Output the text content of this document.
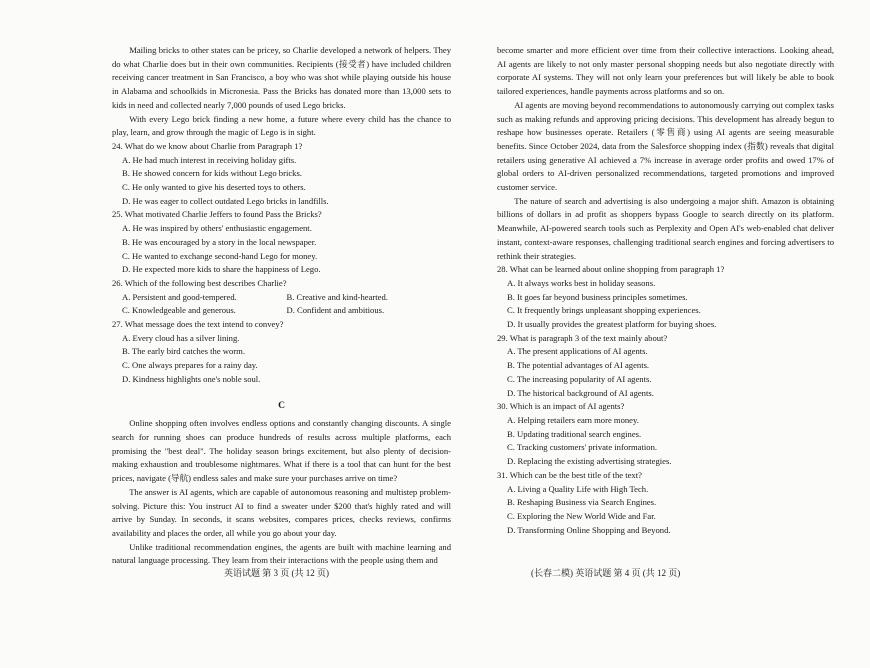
Mailing bricks to other states can be pricey, so Charlie developed a network of helpers. They do what Charlie does but in their own communities. Recipients (接受者) have included children receiving cancer treatment in San Francisco, a boy who was shot while playing outside his house in Alabama and schoolkids in Micronesia. Pass the Bricks has donated more than 13,000 sets to kids in need and collected nearly 7,000 pounds of used Lego bricks.

With every Lego brick finding a new home, a future where every child has the chance to play, learn, and grow through the magic of Lego is in sight.

24. What do we know about Charlie from Paragraph 1?

A. He had much interest in receiving holiday gifts.

B. He showed concern for kids without Lego bricks.

C. He only wanted to give his deserted toys to others.

D. He was eager to collect outdated Lego bricks in landfills.

25. What motivated Charlie Jeffers to found Pass the Bricks?

A. He was inspired by others' enthusiastic engagement.

B. He was encouraged by a story in the local newspaper.

C. He wanted to exchange second-hand Lego for money.

D. He expected more kids to share the happiness of Lego.

26. Which of the following best describes Charlie?

A. Persistent and good-tempered.	B. Creative and kind-hearted.
C. Knowledgeable and generous.	D. Confident and ambitious.

27. What message does the text intend to convey?

A. Every cloud has a silver lining.

B. The early bird catches the worm.

C. One always prepares for a rainy day.

D. Kindness highlights one's noble soul.

C

Online shopping often involves endless options and constantly changing discounts. A single search for running shoes can produce hundreds of results across multiple platforms, each promising the "best deal". The holiday season brings excitement, but also plenty of decision-making exhaustion and troublesome nightmares. What if there is a tool that can hunt for the best prices, navigate (导航) endless sales and make sure your purchases arrive on time?

The answer is AI agents, which are capable of autonomous reasoning and multistep problem-solving. Picture this: You instruct AI to find a sweater under $200 that's highly rated and will arrive by Sunday. In seconds, it scans websites, compares prices, checks reviews, confirms availability and places the order, all while you go about your day.

Unlike traditional recommendation engines, the agents are built with machine learning and natural language processing. They learn from their interactions with the people using them and

英语试题 第 3 页 (共 12 页)

become smarter and more efficient over time from their collective interactions. Looking ahead, AI agents are likely to not only master personal shopping needs but also negotiate directly with corporate AI systems. They will not only learn your preferences but will likely be able to book tailored experiences, handle payments across platforms and so on.

AI agents are moving beyond recommendations to autonomously carrying out complex tasks such as making refunds and approving pricing decisions. This development has already begun to reshape how businesses operate. Retailers (零售商) using AI agents are seeing measurable benefits. Since October 2024, data from the Salesforce shopping index (指数) reveals that digital retailers using generative AI achieved a 7% increase in average order profits and owed 17% of global orders to AI-driven personalized recommendations, targeted promotions and improved customer service.

The nature of search and advertising is also undergoing a major shift. Amazon is obtaining billions of dollars in ad profit as shoppers bypass Google to search directly on its platform. Meanwhile, AI-powered search tools such as Perplexity and Open AI's web-enabled chat deliver instant, context-aware responses, challenging traditional search engines and forcing advertisers to rethink their strategies.

28. What can be learned about online shopping from paragraph 1?

A. It always works best in holiday seasons.

B. It goes far beyond business principles sometimes.

C. It frequently brings unpleasant shopping experiences.

D. It usually provides the greatest platform for buying shoes.

29. What is paragraph 3 of the text mainly about?

A. The present applications of AI agents.

B. The potential advantages of AI agents.

C. The increasing popularity of AI agents.

D. The historical background of AI agents.

30. Which is an impact of AI agents?

A. Helping retailers earn more money.

B. Updating traditional search engines.

C. Tracking customers' private information.

D. Replacing the existing advertising strategies.

31. Which can be the best title of the text?

A. Living a Quality Life with High Tech.

B. Reshaping Business via Search Engines.

C. Exploring the New World Wide and Far.

D. Transforming Online Shopping and Beyond.

(长春二模) 英语试题 第 4 页 (共 12 页)
